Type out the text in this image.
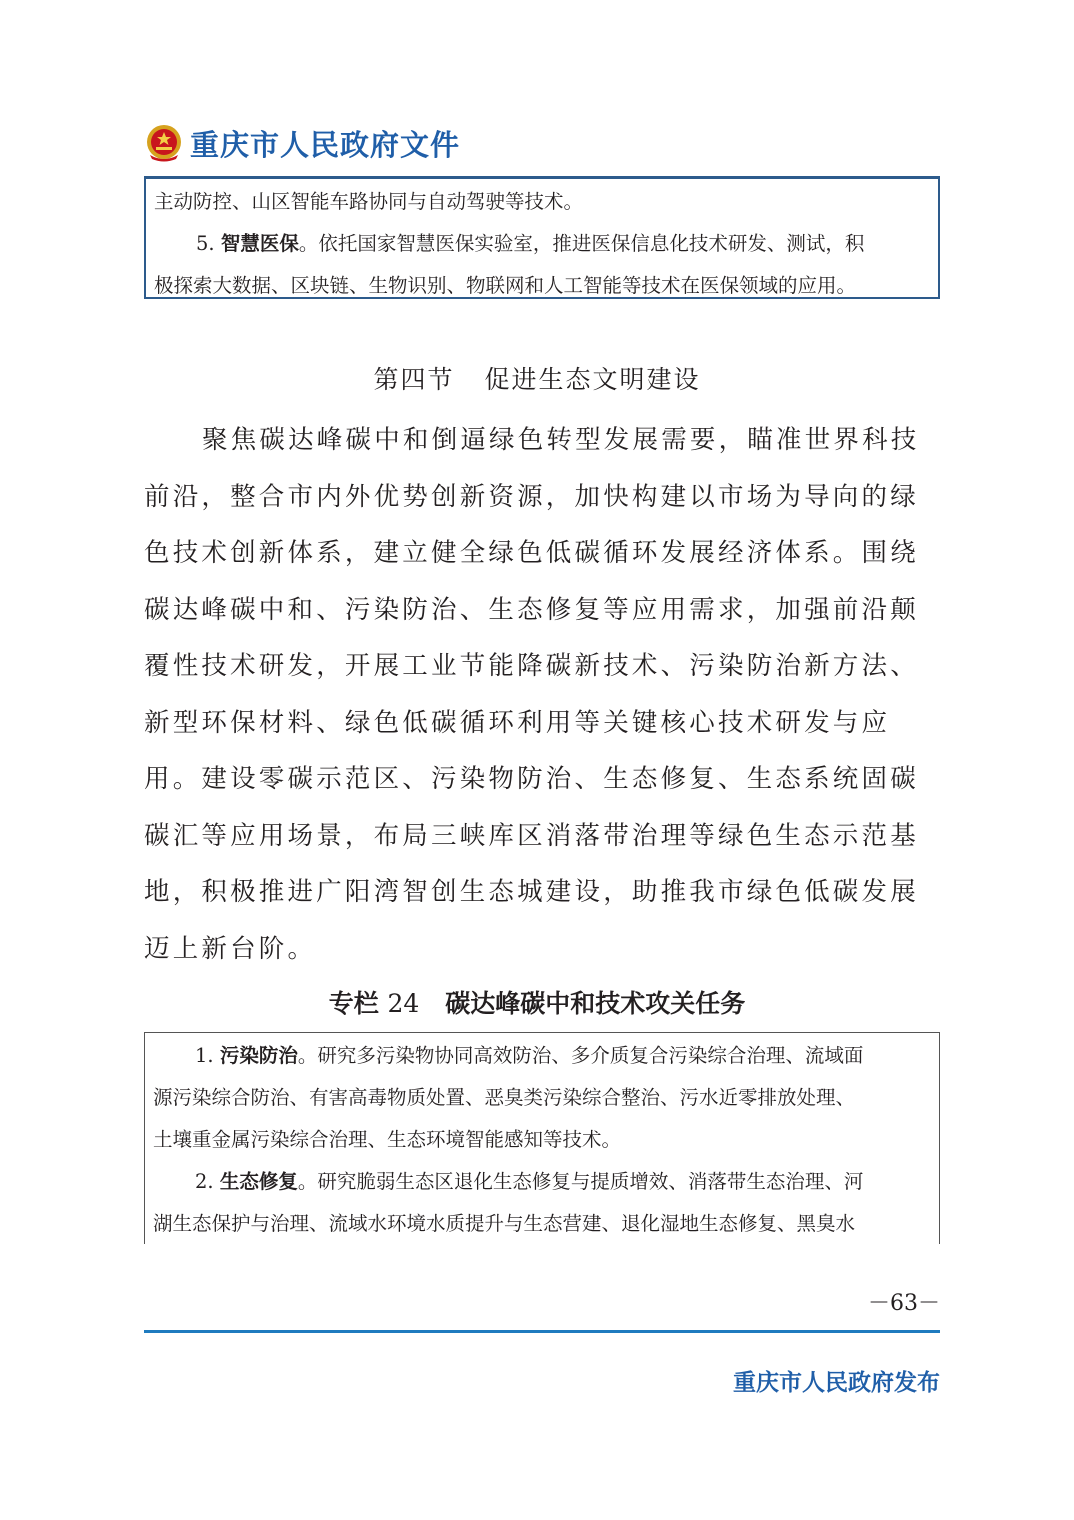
重庆市人民政府文件

主动防控、山区智能车路协同与自动驾驶等技术。

5. 智慧医保。依托国家智慧医保实验室，推进医保信息化技术研发、测试，积

极探索大数据、区块链、生物识别、物联网和人工智能等技术在医保领域的应用。

第四节 促进生态文明建设
聚焦碳达峰碳中和倒逼绿色转型发展需要，瞄准世界科技
前沿，整合市内外优势创新资源，加快构建以市场为导向的绿
色技术创新体系，建立健全绿色低碳循环发展经济体系。围绕
碳达峰碳中和、污染防治、生态修复等应用需求，加强前沿颠
覆性技术研发，开展工业节能降碳新技术、污染防治新方法、
新型环保材料、绿色低碳循环利用等关键核心技术研发与应
用。建设零碳示范区、污染物防治、生态修复、生态系统固碳
碳汇等应用场景，布局三峡库区消落带治理等绿色生态示范基
地，积极推进广阳湾智创生态城建设，助推我市绿色低碳发展
迈上新台阶。
专栏 24 碳达峰碳中和技术攻关任务

1. 污染防治。研究多污染物协同高效防治、多介质复合污染综合治理、流域面

源污染综合防治、有害高毒物质处置、恶臭类污染综合整治、污水近零排放处理、

土壤重金属污染综合治理、生态环境智能感知等技术。

2. 生态修复。研究脆弱生态区退化生态修复与提质增效、消落带生态治理、河

湖生态保护与治理、流域水环境水质提升与生态营建、退化湿地生态修复、黑臭水

－63－
重庆市人民政府发布
